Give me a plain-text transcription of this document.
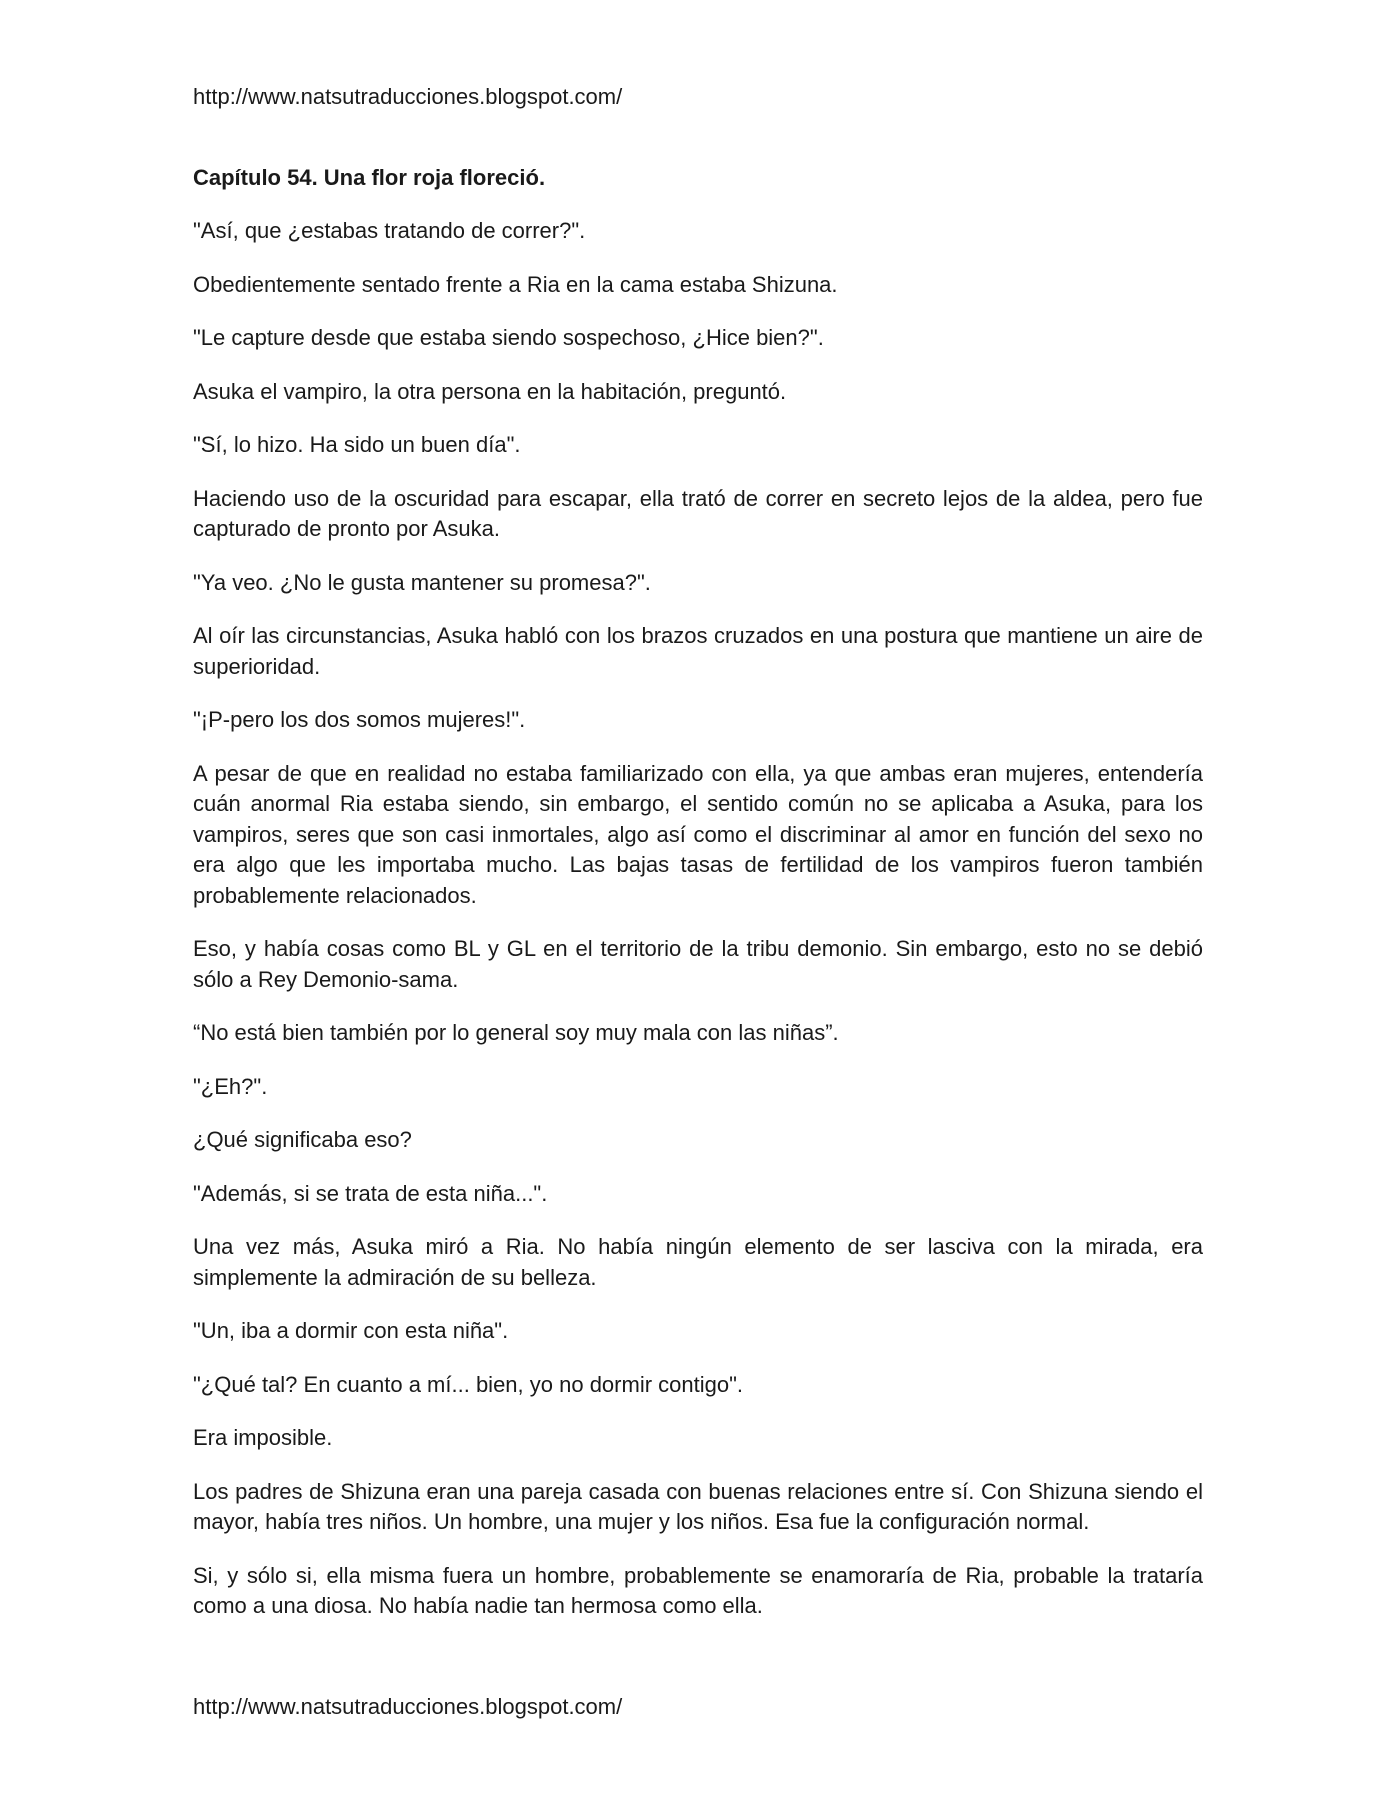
http://www.natsutraducciones.blogspot.com/

Capítulo 54. Una flor roja floreció.

"Así, que ¿estabas tratando de correr?".

Obedientemente sentado frente a Ria en la cama estaba Shizuna.

"Le capture desde que estaba siendo sospechoso, ¿Hice bien?".

Asuka el vampiro, la otra persona en la habitación, preguntó.

"Sí, lo hizo. Ha sido un buen día".

Haciendo uso de la oscuridad para escapar, ella trató de correr en secreto lejos de la aldea, pero fue capturado de pronto por Asuka.

"Ya veo. ¿No le gusta mantener su promesa?".

Al oír las circunstancias, Asuka habló con los brazos cruzados en una postura que mantiene un aire de superioridad.

"¡P-pero los dos somos mujeres!".

A pesar de que en realidad no estaba familiarizado con ella, ya que ambas eran mujeres, entendería cuán anormal Ria estaba siendo, sin embargo, el sentido común no se aplicaba a Asuka, para los vampiros, seres que son casi inmortales, algo así como el discriminar al amor en función del sexo no era algo que les importaba mucho. Las bajas tasas de fertilidad de los vampiros fueron también probablemente relacionados.

Eso, y había cosas como BL y GL en el territorio de la tribu demonio. Sin embargo, esto no se debió sólo a Rey Demonio-sama.

“No está bien también por lo general soy muy mala con las niñas”.

"¿Eh?".

¿Qué significaba eso?

"Además, si se trata de esta niña...".

Una vez más, Asuka miró a Ria. No había ningún elemento de ser lasciva con la mirada, era simplemente la admiración de su belleza.

"Un, iba a dormir con esta niña".

"¿Qué tal? En cuanto a mí... bien, yo no dormir contigo".

Era imposible.

Los padres de Shizuna eran una pareja casada con buenas relaciones entre sí. Con Shizuna siendo el mayor, había tres niños. Un hombre, una mujer y los niños. Esa fue la configuración normal.

Si, y sólo si, ella misma fuera un hombre, probablemente se enamoraría de Ria, probable la trataría como a una diosa. No había nadie tan hermosa como ella.

http://www.natsutraducciones.blogspot.com/
